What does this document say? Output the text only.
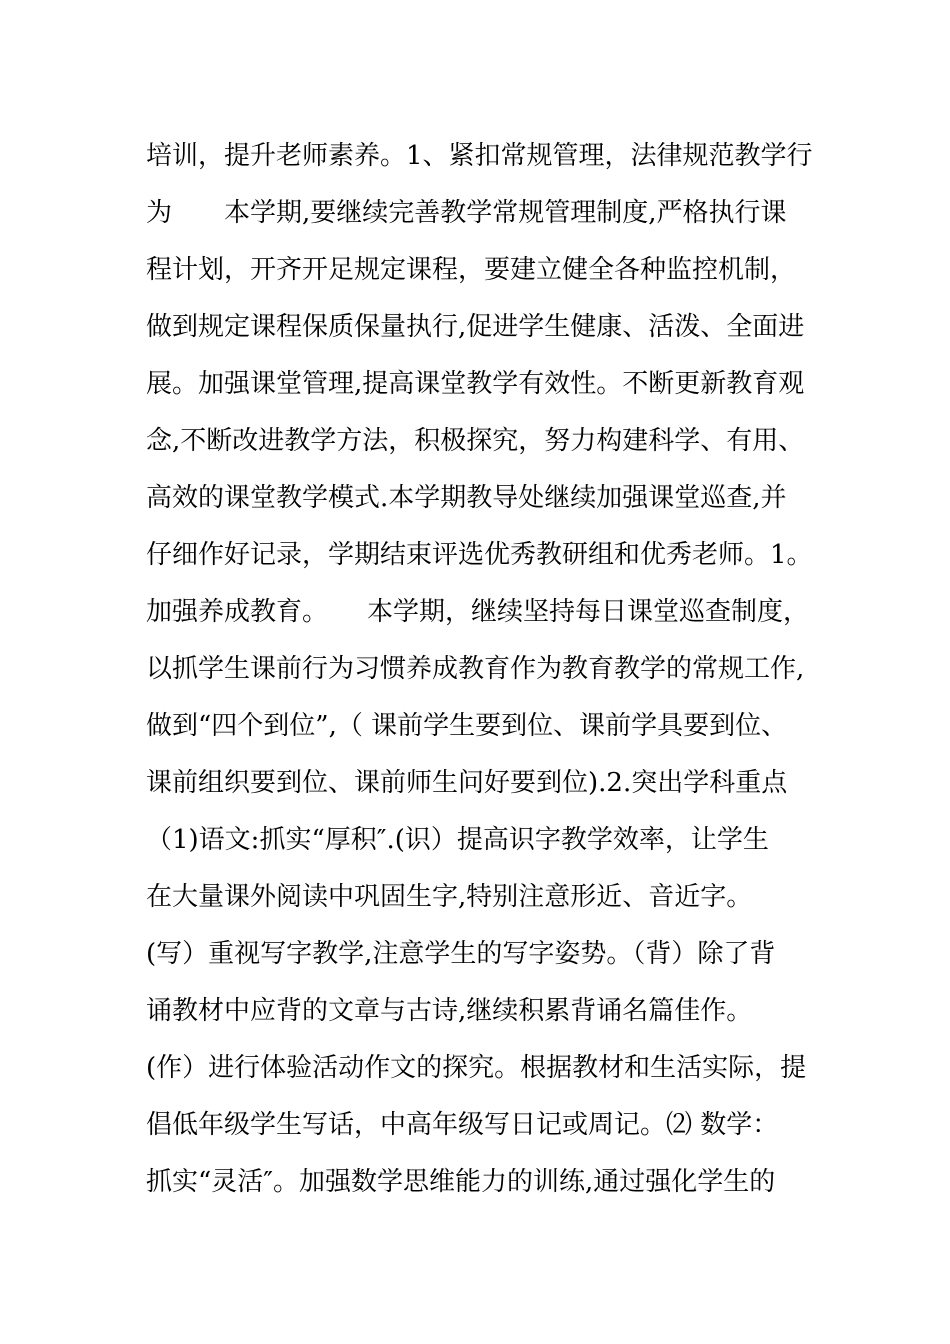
培训，提升老师素养。1、紧扣常规管理，法律规范教学行
为　　本学期,要继续完善教学常规管理制度,严格执行课
程计划，开齐开足规定课程，要建立健全各种监控机制，
做到规定课程保质保量执行,促进学生健康、活泼、全面进
展。加强课堂管理,提高课堂教学有效性。不断更新教育观
念,不断改进教学方法，积极探究，努力构建科学、有用、
高效的课堂教学模式.本学期教导处继续加强课堂巡查,并
仔细作好记录，学期结束评选优秀教研组和优秀老师。1。
加强养成教育。　　本学期，继续坚持每日课堂巡查制度，
以抓学生课前行为习惯养成教育作为教育教学的常规工作,
做到“四个到位”,（ 课前学生要到位、课前学具要到位、
课前组织要到位、课前师生问好要到位).2.突出学科重点
（1)语文:抓实“厚积″.(识）提高识字教学效率，让学生
在大量课外阅读中巩固生字,特别注意形近、音近字。
(写）重视写字教学,注意学生的写字姿势。（背）除了背
诵教材中应背的文章与古诗,继续积累背诵名篇佳作。
(作）进行体验活动作文的探究。根据教材和生活实际，提
倡低年级学生写话，中高年级写日记或周记。⑵ 数学：
抓实“灵活″。加强数学思维能力的训练,通过强化学生的
